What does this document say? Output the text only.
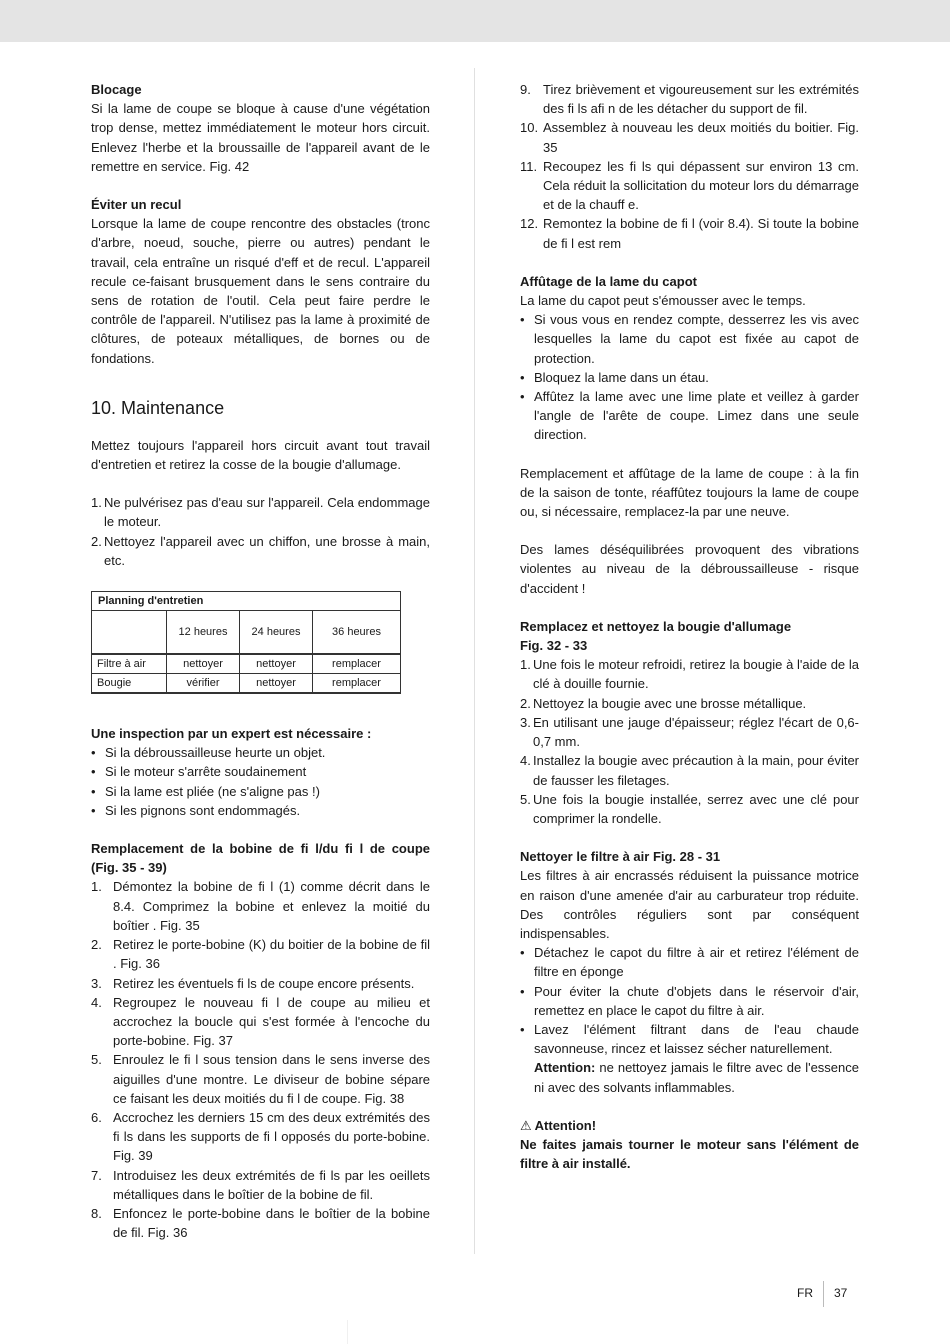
Blocage

Si la lame de coupe se bloque à cause d'une végétation trop dense, mettez immédiatement le moteur hors circuit. Enlevez l'herbe et la broussaille de l'appareil avant de le remettre en service. Fig. 42

Éviter un recul

Lorsque la lame de coupe rencontre des obstacles (tronc d'arbre, noeud, souche, pierre ou autres) pendant le travail, cela entraîne un risqué d'eff et de recul. L'appareil recule ce-faisant brusquement dans le sens contraire du sens de rotation de l'outil. Cela peut faire perdre le contrôle de l'appareil. N'utilisez pas la lame à proximité de clôtures, de poteaux métalliques, de bornes ou de fondations.

10. Maintenance

Mettez toujours l'appareil hors circuit avant tout travail d'entretien et retirez la cosse de la bougie d'allumage.

1. Ne pulvérisez pas d'eau sur l'appareil. Cela endommage le moteur.
2. Nettoyez l'appareil avec un chiffon, une brosse à main, etc.
Planning d'entretien			
	12 heures	24 heures	36 heures
Filtre à air	nettoyer	nettoyer	remplacer
Bougie	vérifier	nettoyer	remplacer

Une inspection par un expert est nécessaire :

• Si la débroussailleuse heurte un objet.
• Si le moteur s'arrête soudainement
• Si la lame est pliée (ne s'aligne pas !)
• Si les pignons sont endommagés.

Remplacement de la bobine de fi l/du fi l de coupe (Fig. 35 - 39)

1. Démontez la bobine de fi l (1) comme décrit dans le 8.4. Comprimez la bobine et enlevez la moitié du boîtier . Fig. 35
2. Retirez le porte-bobine (K) du boitier de la bobine de fil . Fig. 36
3. Retirez les éventuels fi ls de coupe encore présents.
4. Regroupez le nouveau fi l de coupe au milieu et accrochez la boucle qui s'est formée à l'encoche du porte-bobine. Fig. 37
5. Enroulez le fi l sous tension dans le sens inverse des aiguilles d'une montre. Le diviseur de bobine sépare ce faisant les deux moitiés du fi l de coupe. Fig. 38
6. Accrochez les derniers 15 cm des deux extrémités des fi ls dans les supports de fi l opposés du porte-bobine. Fig. 39
7. Introduisez les deux extrémités de fi ls par les oeillets métalliques dans le boîtier de la bobine de fil.
8. Enfoncez le porte-bobine dans le boîtier de la bobine de fil. Fig. 36
9. Tirez brièvement et vigoureusement sur les extrémités des fi ls afi n de les détacher du support de fil.
10. Assemblez à nouveau les deux moitiés du boitier. Fig. 35
11. Recoupez les fi ls qui dépassent sur environ 13 cm. Cela réduit la sollicitation du moteur lors du démarrage et de la chauff e.
12. Remontez la bobine de fi l (voir 8.4). Si toute la bobine de fi l est rem

Affûtage de la lame du capot

La lame du capot peut s'émousser avec le temps.

• Si vous vous en rendez compte, desserrez les vis avec lesquelles la lame du capot est fixée au capot de protection.
• Bloquez la lame dans un étau.
• Affûtez la lame avec une lime plate et veillez à garder l'angle de l'arête de coupe. Limez dans une seule direction.

Remplacement et affûtage de la lame de coupe : à la fin de la saison de tonte, réaffûtez toujours la lame de coupe ou, si nécessaire, remplacez-la par une neuve.

Des lames déséquilibrées provoquent des vibrations violentes au niveau de la débroussailleuse - risque d'accident !

Remplacez et nettoyez la bougie d'allumage

Fig. 32 - 33

1. Une fois le moteur refroidi, retirez la bougie à l'aide de la clé à douille fournie.
2. Nettoyez la bougie avec une brosse métallique.
3. En utilisant une jauge d'épaisseur; réglez l'écart de 0,6-0,7 mm.
4. Installez la bougie avec précaution à la main, pour éviter de fausser les filetages.
5. Une fois la bougie installée, serrez avec une clé pour comprimer la rondelle.

Nettoyer le filtre à air Fig. 28 - 31

Les filtres à air encrassés réduisent la puissance motrice en raison d'une amenée d'air au carburateur trop réduite. Des contrôles réguliers sont par conséquent indispensables.

• Détachez le capot du filtre à air et retirez l'élément de filtre en éponge
• Pour éviter la chute d'objets dans le réservoir d'air, remettez en place le capot du filtre à air.
• Lavez l'élément filtrant dans de l'eau chaude savonneuse, rincez et laissez sécher naturellement.
Attention: ne nettoyez jamais le filtre avec de l'essence ni avec des solvants inflammables.

⚠ Attention!

Ne faites jamais tourner le moteur sans l'élément de filtre à air installé.

FR 37
